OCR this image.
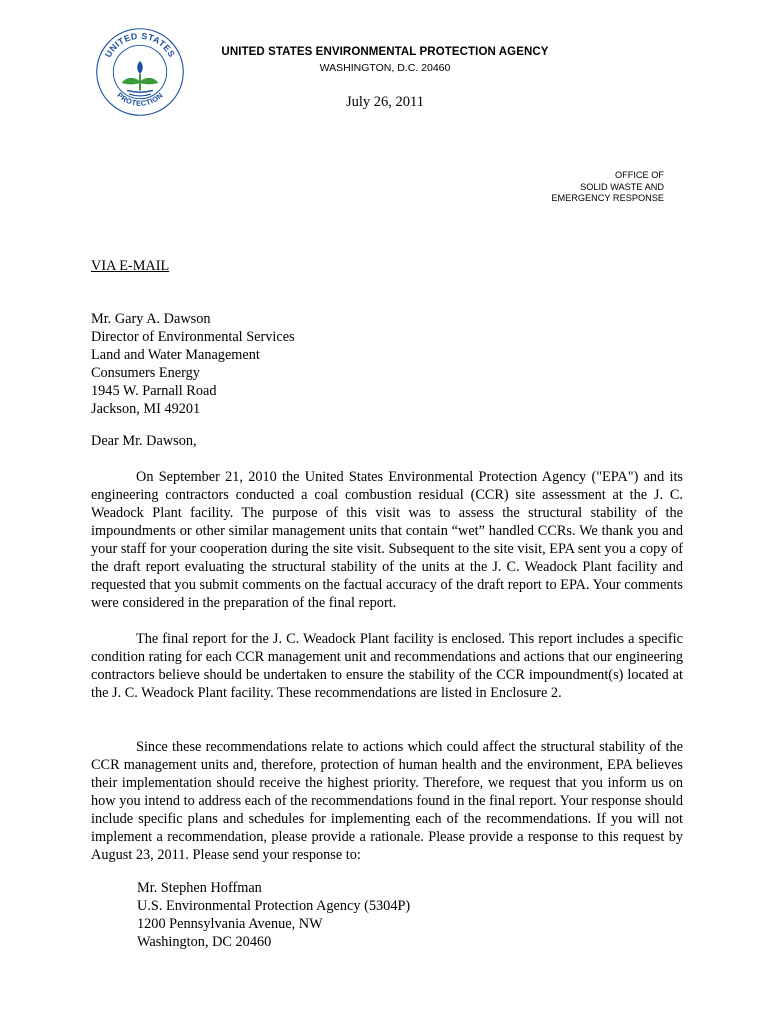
UNITED STATES
PROTECTION
UNITED STATES ENVIRONMENTAL PROTECTION AGENCY
WASHINGTON, D.C. 20460
July 26, 2011
OFFICE OF
SOLID WASTE AND
EMERGENCY RESPONSE
VIA E-MAIL
Mr. Gary A. Dawson
Director of Environmental Services
Land and Water Management
Consumers Energy
1945 W. Parnall Road
Jackson, MI 49201
Dear Mr. Dawson,

On September 21, 2010 the United States Environmental Protection Agency ("EPA") and its engineering contractors conducted a coal combustion residual (CCR) site assessment at the J. C. Weadock Plant facility. The purpose of this visit was to assess the structural stability of the impoundments or other similar management units that contain “wet” handled CCRs. We thank you and your staff for your cooperation during the site visit. Subsequent to the site visit, EPA sent you a copy of the draft report evaluating the structural stability of the units at the J. C. Weadock Plant facility and requested that you submit comments on the factual accuracy of the draft report to EPA. Your comments were considered in the preparation of the final report.

The final report for the J. C. Weadock Plant facility is enclosed. This report includes a specific condition rating for each CCR management unit and recommendations and actions that our engineering contractors believe should be undertaken to ensure the stability of the CCR impoundment(s) located at the J. C. Weadock Plant facility. These recommendations are listed in Enclosure 2.

Since these recommendations relate to actions which could affect the structural stability of the CCR management units and, therefore, protection of human health and the environment, EPA believes their implementation should receive the highest priority. Therefore, we request that you inform us on how you intend to address each of the recommendations found in the final report. Your response should include specific plans and schedules for implementing each of the recommendations. If you will not implement a recommendation, please provide a rationale. Please provide a response to this request by August 23, 2011. Please send your response to:

Mr. Stephen Hoffman
U.S. Environmental Protection Agency (5304P)
1200 Pennsylvania Avenue, NW
Washington, DC 20460
